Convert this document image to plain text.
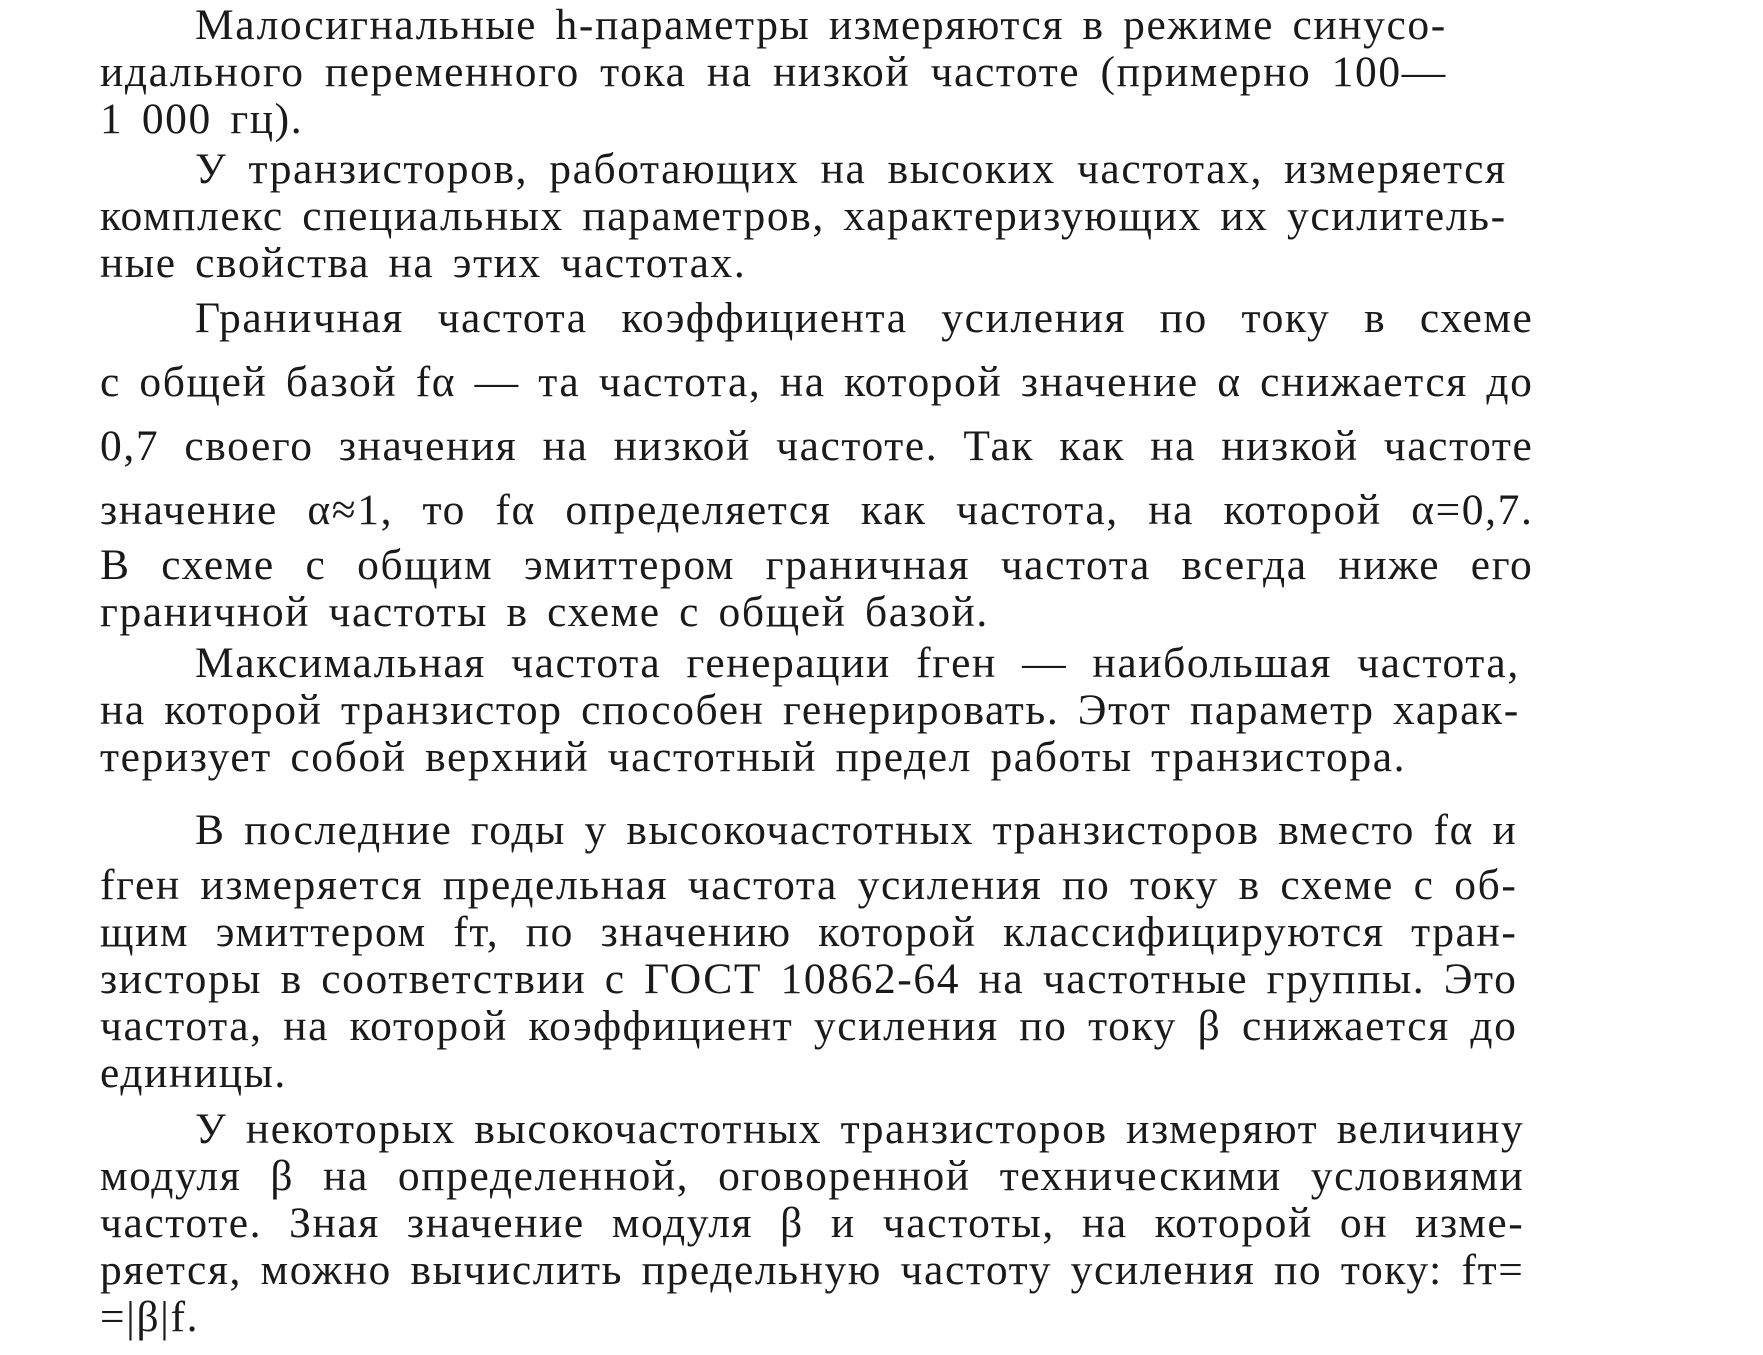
Малосигнальные h-параметры измеряются в режиме синусо-
идального переменного тока на низкой частоте (примерно 100—
1 000 гц).
У транзисторов, работающих на высоких частотах, измеряется
комплекс специальных параметров, характеризующих их усилитель-
ные свойства на этих частотах.
Граничная частота коэффициента усиления по току в схеме
с общей базой fα — та частота, на которой значение α снижается до
0,7 своего значения на низкой частоте. Так как на низкой частоте
значение α≈1, то fα определяется как частота, на которой α=0,7.
В схеме с общим эмиттером граничная частота всегда ниже его
граничной частоты в схеме с общей базой.
Максимальная частота генерации fген — наибольшая частота,
на которой транзистор способен генерировать. Этот параметр харак-
теризует собой верхний частотный предел работы транзистора.
В последние годы у высокочастотных транзисторов вместо fα и
fген измеряется предельная частота усиления по току в схеме с об-
щим эмиттером fт, по значению которой классифицируются тран-
зисторы в соответствии с ГОСТ 10862-64 на частотные группы. Это
частота, на которой коэффициент усиления по току β снижается до
единицы.
У некоторых высокочастотных транзисторов измеряют величину
модуля β на определенной, оговоренной техническими условиями
частоте. Зная значение модуля β и частоты, на которой он изме-
ряется, можно вычислить предельную частоту усиления по току: fт=
=|β|f.
